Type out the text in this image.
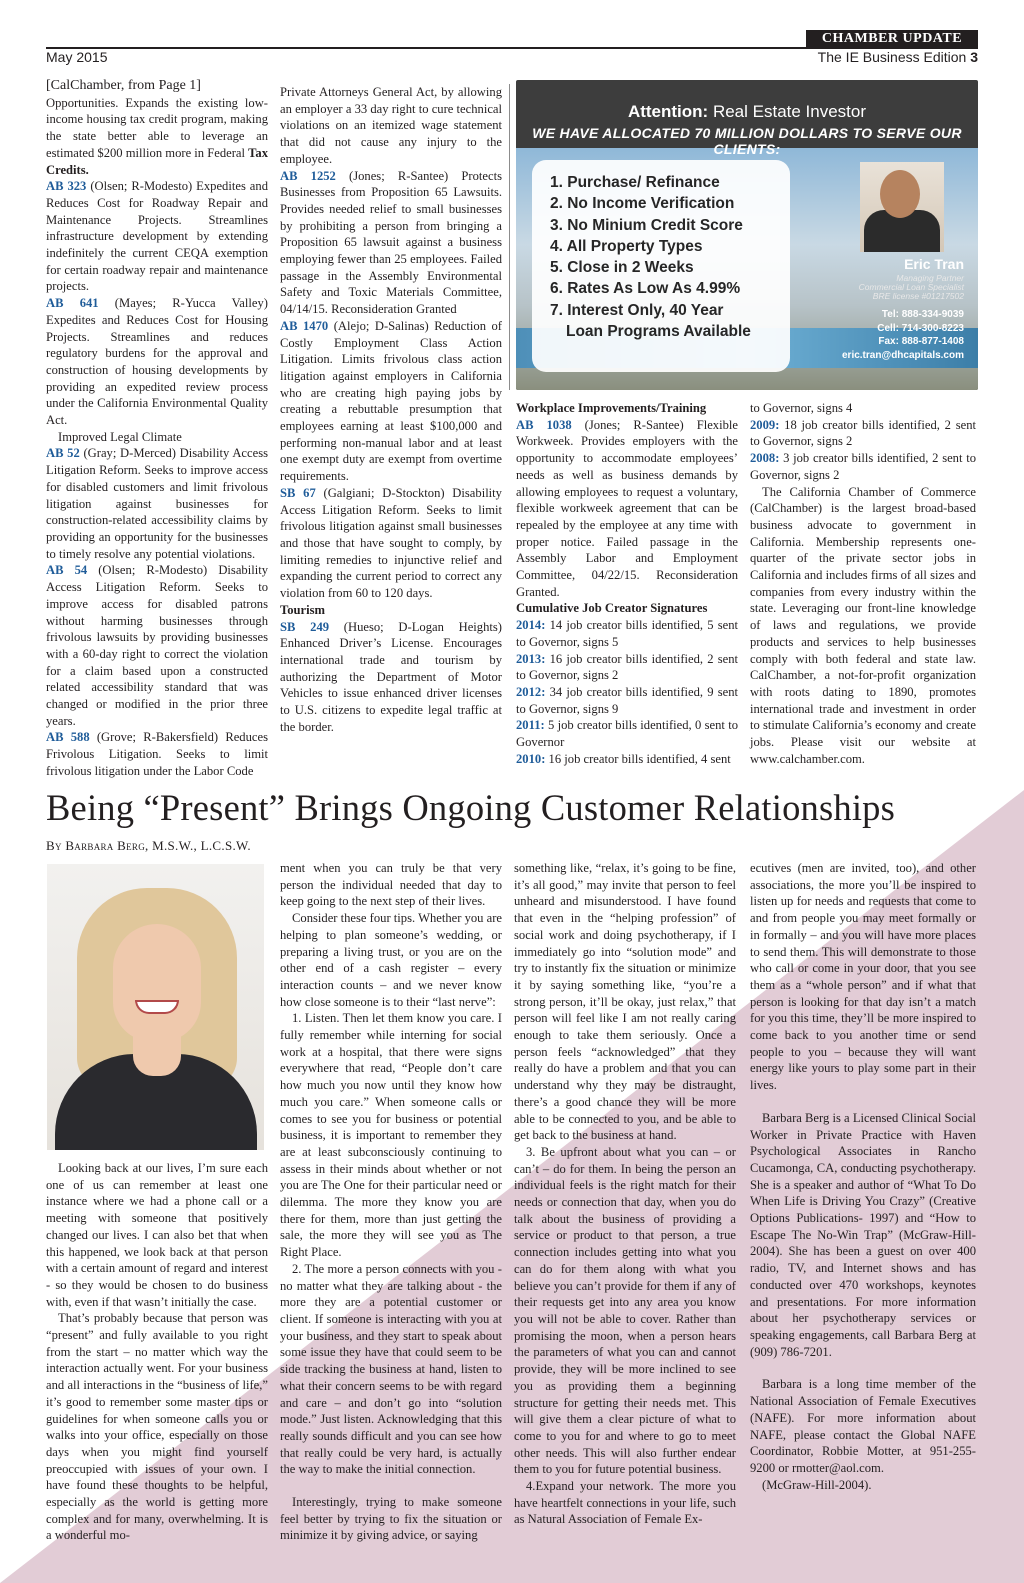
CHAMBER UPDATE
May 2015	The IE Business Edition 3

[CalChamber, from Page 1]

Opportunities. Expands the existing low-income housing tax credit program, making the state better able to leverage an estimated $200 million more in Federal Tax Credits.

AB 323 (Olsen; R-Modesto) Expedites and Reduces Cost for Roadway Repair and Maintenance Projects. Streamlines infrastructure development by extending indefinitely the current CEQA exemption for certain roadway repair and maintenance projects.

AB 641 (Mayes; R-Yucca Valley) Expedites and Reduces Cost for Housing Projects. Streamlines and reduces regulatory burdens for the approval and construction of housing developments by providing an expedited review process under the California Environmental Quality Act.

Improved Legal Climate

AB 52 (Gray; D-Merced) Disability Access Litigation Reform. Seeks to improve access for disabled customers and limit frivolous litigation against businesses for construction-related accessibility claims by providing an opportunity for the businesses to timely resolve any potential violations.

AB 54 (Olsen; R-Modesto) Disability Access Litigation Reform. Seeks to improve access for disabled patrons without harming businesses through frivolous lawsuits by providing businesses with a 60-day right to correct the violation for a claim based upon a constructed related accessibility standard that was changed or modified in the prior three years.

AB 588 (Grove; R-Bakersfield) Reduces Frivolous Litigation. Seeks to limit frivolous litigation under the Labor Code

Private Attorneys General Act, by allowing an employer a 33 day right to cure technical violations on an itemized wage statement that did not cause any injury to the employee.

AB 1252 (Jones; R-Santee) Protects Businesses from Proposition 65 Lawsuits. Provides needed relief to small businesses by prohibiting a person from bringing a Proposition 65 lawsuit against a business employing fewer than 25 employees. Failed passage in the Assembly Environmental Safety and Toxic Materials Committee, 04/14/15. Reconsideration Granted

AB 1470 (Alejo; D-Salinas) Reduction of Costly Employment Class Action Litigation. Limits frivolous class action litigation against employers in California who are creating high paying jobs by creating a rebuttable presumption that employees earning at least $100,000 and performing non-manual labor and at least one exempt duty are exempt from overtime requirements.

SB 67 (Galgiani; D-Stockton) Disability Access Litigation Reform. Seeks to limit frivolous litigation against small businesses and those that have sought to comply, by limiting remedies to injunctive relief and expanding the current period to correct any violation from 60 to 120 days.

Tourism

SB 249 (Hueso; D-Logan Heights) Enhanced Driver’s License. Encourages international trade and tourism by authorizing the Department of Motor Vehicles to issue enhanced driver licenses to U.S. citizens to expedite legal traffic at the border.

Attention: Real Estate Investor
WE HAVE ALLOCATED 70 MILLION DOLLARS TO SERVE OUR CLIENTS:
1. Purchase/ Refinance
2. No Income Verification
3. No Minium Credit Score
4. All Property Types
5. Close in 2 Weeks
6. Rates As Low As 4.99%
7. Interest Only, 40 Year
Loan Programs Available
Eric Tran
Managing Partner
Commercial Loan Specialist
BRE license #01217502
Tel: 888-334-9039
Cell: 714-300-8223
Fax: 888-877-1408
eric.tran@dhcapitals.com

Workplace Improvements/Training

AB 1038 (Jones; R-Santee) Flexible Workweek. Provides employers with the opportunity to accommodate employees’ needs as well as business demands by allowing employees to request a voluntary, flexible workweek agreement that can be repealed by the employee at any time with proper notice. Failed passage in the Assembly Labor and Employment Committee, 04/22/15. Reconsideration Granted.

Cumulative Job Creator Signatures

2014: 14 job creator bills identified, 5 sent to Governor, signs 5

2013: 16 job creator bills identified, 2 sent to Governor, signs 2

2012: 34 job creator bills identified, 9 sent to Governor, signs 9

2011: 5 job creator bills identified, 0 sent to Governor

2010: 16 job creator bills identified, 4 sent

to Governor, signs 4

2009: 18 job creator bills identified, 2 sent to Governor, signs 2

2008: 3 job creator bills identified, 2 sent to Governor, signs 2

The California Chamber of Commerce (CalChamber) is the largest broad-based business advocate to government in California. Membership represents one-quarter of the private sector jobs in California and includes firms of all sizes and companies from every industry within the state. Leveraging our front-line knowledge of laws and regulations, we provide products and services to help businesses comply with both federal and state law. CalChamber, a not-for-profit organization with roots dating to 1890, promotes international trade and investment in order to stimulate California’s economy and create jobs. Please visit our website at www.calchamber.com.

Being “Present” Brings Ongoing Customer Relationships
By Barbara Berg, M.S.W., L.C.S.W.

Looking back at our lives, I’m sure each one of us can remember at least one instance where we had a phone call or a meeting with someone that positively changed our lives. I can also bet that when this happened, we look back at that person with a certain amount of regard and interest - so they would be chosen to do business with, even if that wasn’t initially the case.

That’s probably because that person was “present” and fully available to you right from the start – no matter which way the interaction actually went. For your business and all interactions in the “business of life,” it’s good to remember some master tips or guidelines for when someone calls you or walks into your office, especially on those days when you might find yourself preoccupied with issues of your own. I have found these thoughts to be helpful, especially as the world is getting more complex and for many, overwhelming. It is a wonderful mo-

ment when you can truly be that very person the individual needed that day to keep going to the next step of their lives.

Consider these four tips. Whether you are helping to plan someone’s wedding, or preparing a living trust, or you are on the other end of a cash register – every interaction counts – and we never know how close someone is to their “last nerve”:

1. Listen. Then let them know you care. I fully remember while interning for social work at a hospital, that there were signs everywhere that read, “People don’t care how much you now until they know how much you care.” When someone calls or comes to see you for business or potential business, it is important to remember they are at least subconsciously continuing to assess in their minds about whether or not you are The One for their particular need or dilemma. The more they know you are there for them, more than just getting the sale, the more they will see you as The Right Place.

2. The more a person connects with you - no matter what they are talking about - the more they are a potential customer or client. If someone is interacting with you at your business, and they start to speak about some issue they have that could seem to be side tracking the business at hand, listen to what their concern seems to be with regard and care – and don’t go into “solution mode.” Just listen. Acknowledging that this really sounds difficult and you can see how that really could be very hard, is actually the way to make the initial connection.

Interestingly, trying to make someone feel better by trying to fix the situation or minimize it by giving advice, or saying

something like, “relax, it’s going to be fine, it’s all good,” may invite that person to feel unheard and misunderstood. I have found that even in the “helping profession” of social work and doing psychotherapy, if I immediately go into “solution mode” and try to instantly fix the situation or minimize it by saying something like, “you’re a strong person, it’ll be okay, just relax,” that person will feel like I am not really caring enough to take them seriously. Once a person feels “acknowledged” that they really do have a problem and that you can understand why they may be distraught, there’s a good chance they will be more able to be connected to you, and be able to get back to the business at hand.

3. Be upfront about what you can – or can’t – do for them. In being the person an individual feels is the right match for their needs or connection that day, when you do talk about the business of providing a service or product to that person, a true connection includes getting into what you can do for them along with what you believe you can’t provide for them if any of their requests get into any area you know you will not be able to cover. Rather than promising the moon, when a person hears the parameters of what you can and cannot provide, they will be more inclined to see you as providing them a beginning structure for getting their needs met. This will give them a clear picture of what to come to you for and where to go to meet other needs. This will also further endear them to you for future potential business.

4.Expand your network. The more you have heartfelt connections in your life, such as Natural Association of Female Ex-

ecutives (men are invited, too), and other associations, the more you’ll be inspired to listen up for needs and requests that come to and from people you may meet formally or in formally – and you will have more places to send them. This will demonstrate to those who call or come in your door, that you see them as a “whole person” and if what that person is looking for that day isn’t a match for you this time, they’ll be more inspired to come back to you another time or send people to you – because they will want energy like yours to play some part in their lives.

Barbara Berg is a Licensed Clinical Social Worker in Private Practice with Haven Psychological Associates in Rancho Cucamonga, CA, conducting psychotherapy. She is a speaker and author of “What To Do When Life is Driving You Crazy” (Creative Options Publications- 1997) and “How to Escape The No-Win Trap” (McGraw-Hill-2004). She has been a guest on over 400 radio, TV, and Internet shows and has conducted over 470 workshops, keynotes and presentations. For more information about her psychotherapy services or speaking engagements, call Barbara Berg at (909) 786-7201.

Barbara is a long time member of the National Association of Female Executives (NAFE). For more information about NAFE, please contact the Global NAFE Coordinator, Robbie Motter, at 951-255-9200 or rmotter@aol.com.

(McGraw-Hill-2004).
